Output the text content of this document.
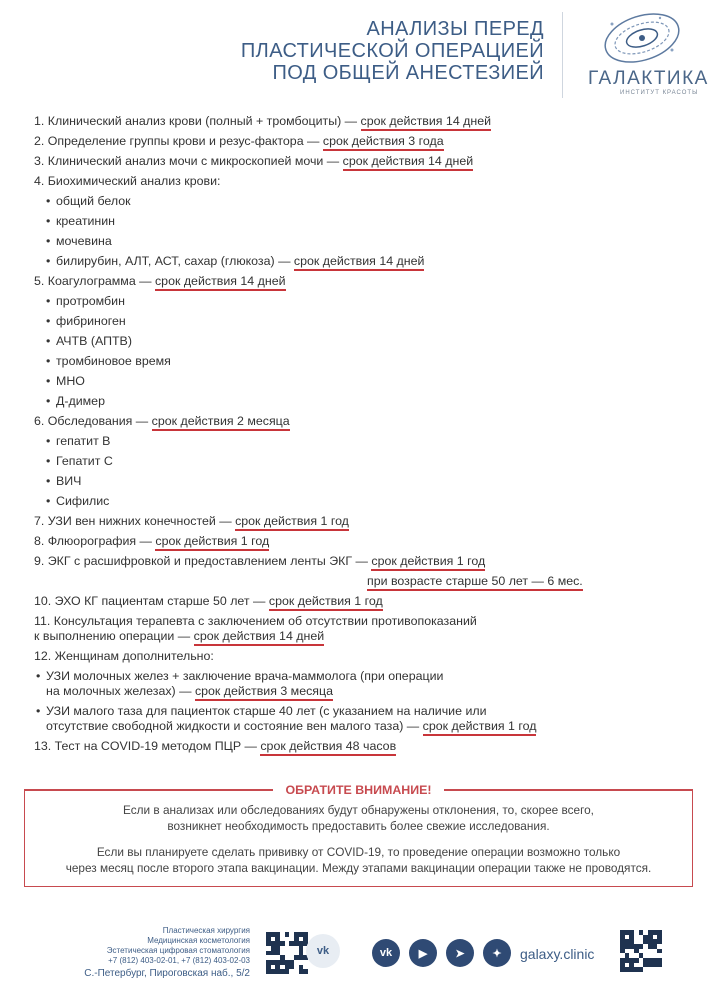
АНАЛИЗЫ ПЕРЕД
ПЛАСТИЧЕСКОЙ ОПЕРАЦИЕЙ
ПОД ОБЩЕЙ АНЕСТЕЗИЕЙ ГАЛАКТИКА
ИНСТИТУТ КРАСОТЫ
1. Клинический анализ крови (полный + тромбоциты) — срок действия 14 дней
2. Определение группы крови и резус-фактора — срок действия 3 года
3. Клинический анализ мочи с микроскопией мочи — срок действия 14 дней
4. Биохимический анализ крови:
• общий белок
• креатинин
• мочевина
• билирубин, АЛТ, АСТ, сахар (глюкоза) — срок действия 14 дней
5. Коагулограмма — срок действия 14 дней
• протромбин
• фибриноген
• АЧТВ (АПТВ)
• тромбиновое время
• МНО
• Д-димер
6. Обследования — срок действия 2 месяца
• гепатит В
• Гепатит С
• ВИЧ
• Сифилис
7. УЗИ вен нижних конечностей — срок действия 1 год
8. Флюорография — срок действия 1 год
9. ЭКГ с расшифровкой и предоставлением ленты ЭКГ — срок действия 1 год
при возрасте старше 50 лет — 6 мес.
10. ЭХО КГ пациентам старше 50 лет — срок действия 1 год
11. Консультация терапевта с заключением об отсутствии противопоказаний
к выполнению операции — срок действия 14 дней
12. Женщинам дополнительно:
• УЗИ молочных желез + заключение врача-маммолога (при операции
на молочных железах) — срок действия 3 месяца
• УЗИ малого таза для пациенток старше 40 лет (с указанием на наличие или
отсутствие свободной жидкости и состояние вен малого таза) — срок действия 1 год
13. Тест на COVID-19 методом ПЦР — срок действия 48 часов
ОБРАТИТЕ ВНИМАНИЕ!

Если в анализах или обследованиях будут обнаружены отклонения, то, скорее всего,
возникнет необходимость предоставить более свежие исследования.

Если вы планируете сделать прививку от COVID-19, то проведение операции возможно только
через месяц после второго этапа вакцинации. Между этапами вакцинации операции также не проводятся.

Пластическая хирургия
Медицинская косметология
Эстетическая цифровая стоматология
+7 (812) 403-02-01, +7 (812) 403-02-03
С.-Петербург, Пироговская наб., 5/2
vk	vk	▶	➤	✦	galaxy.clinic
